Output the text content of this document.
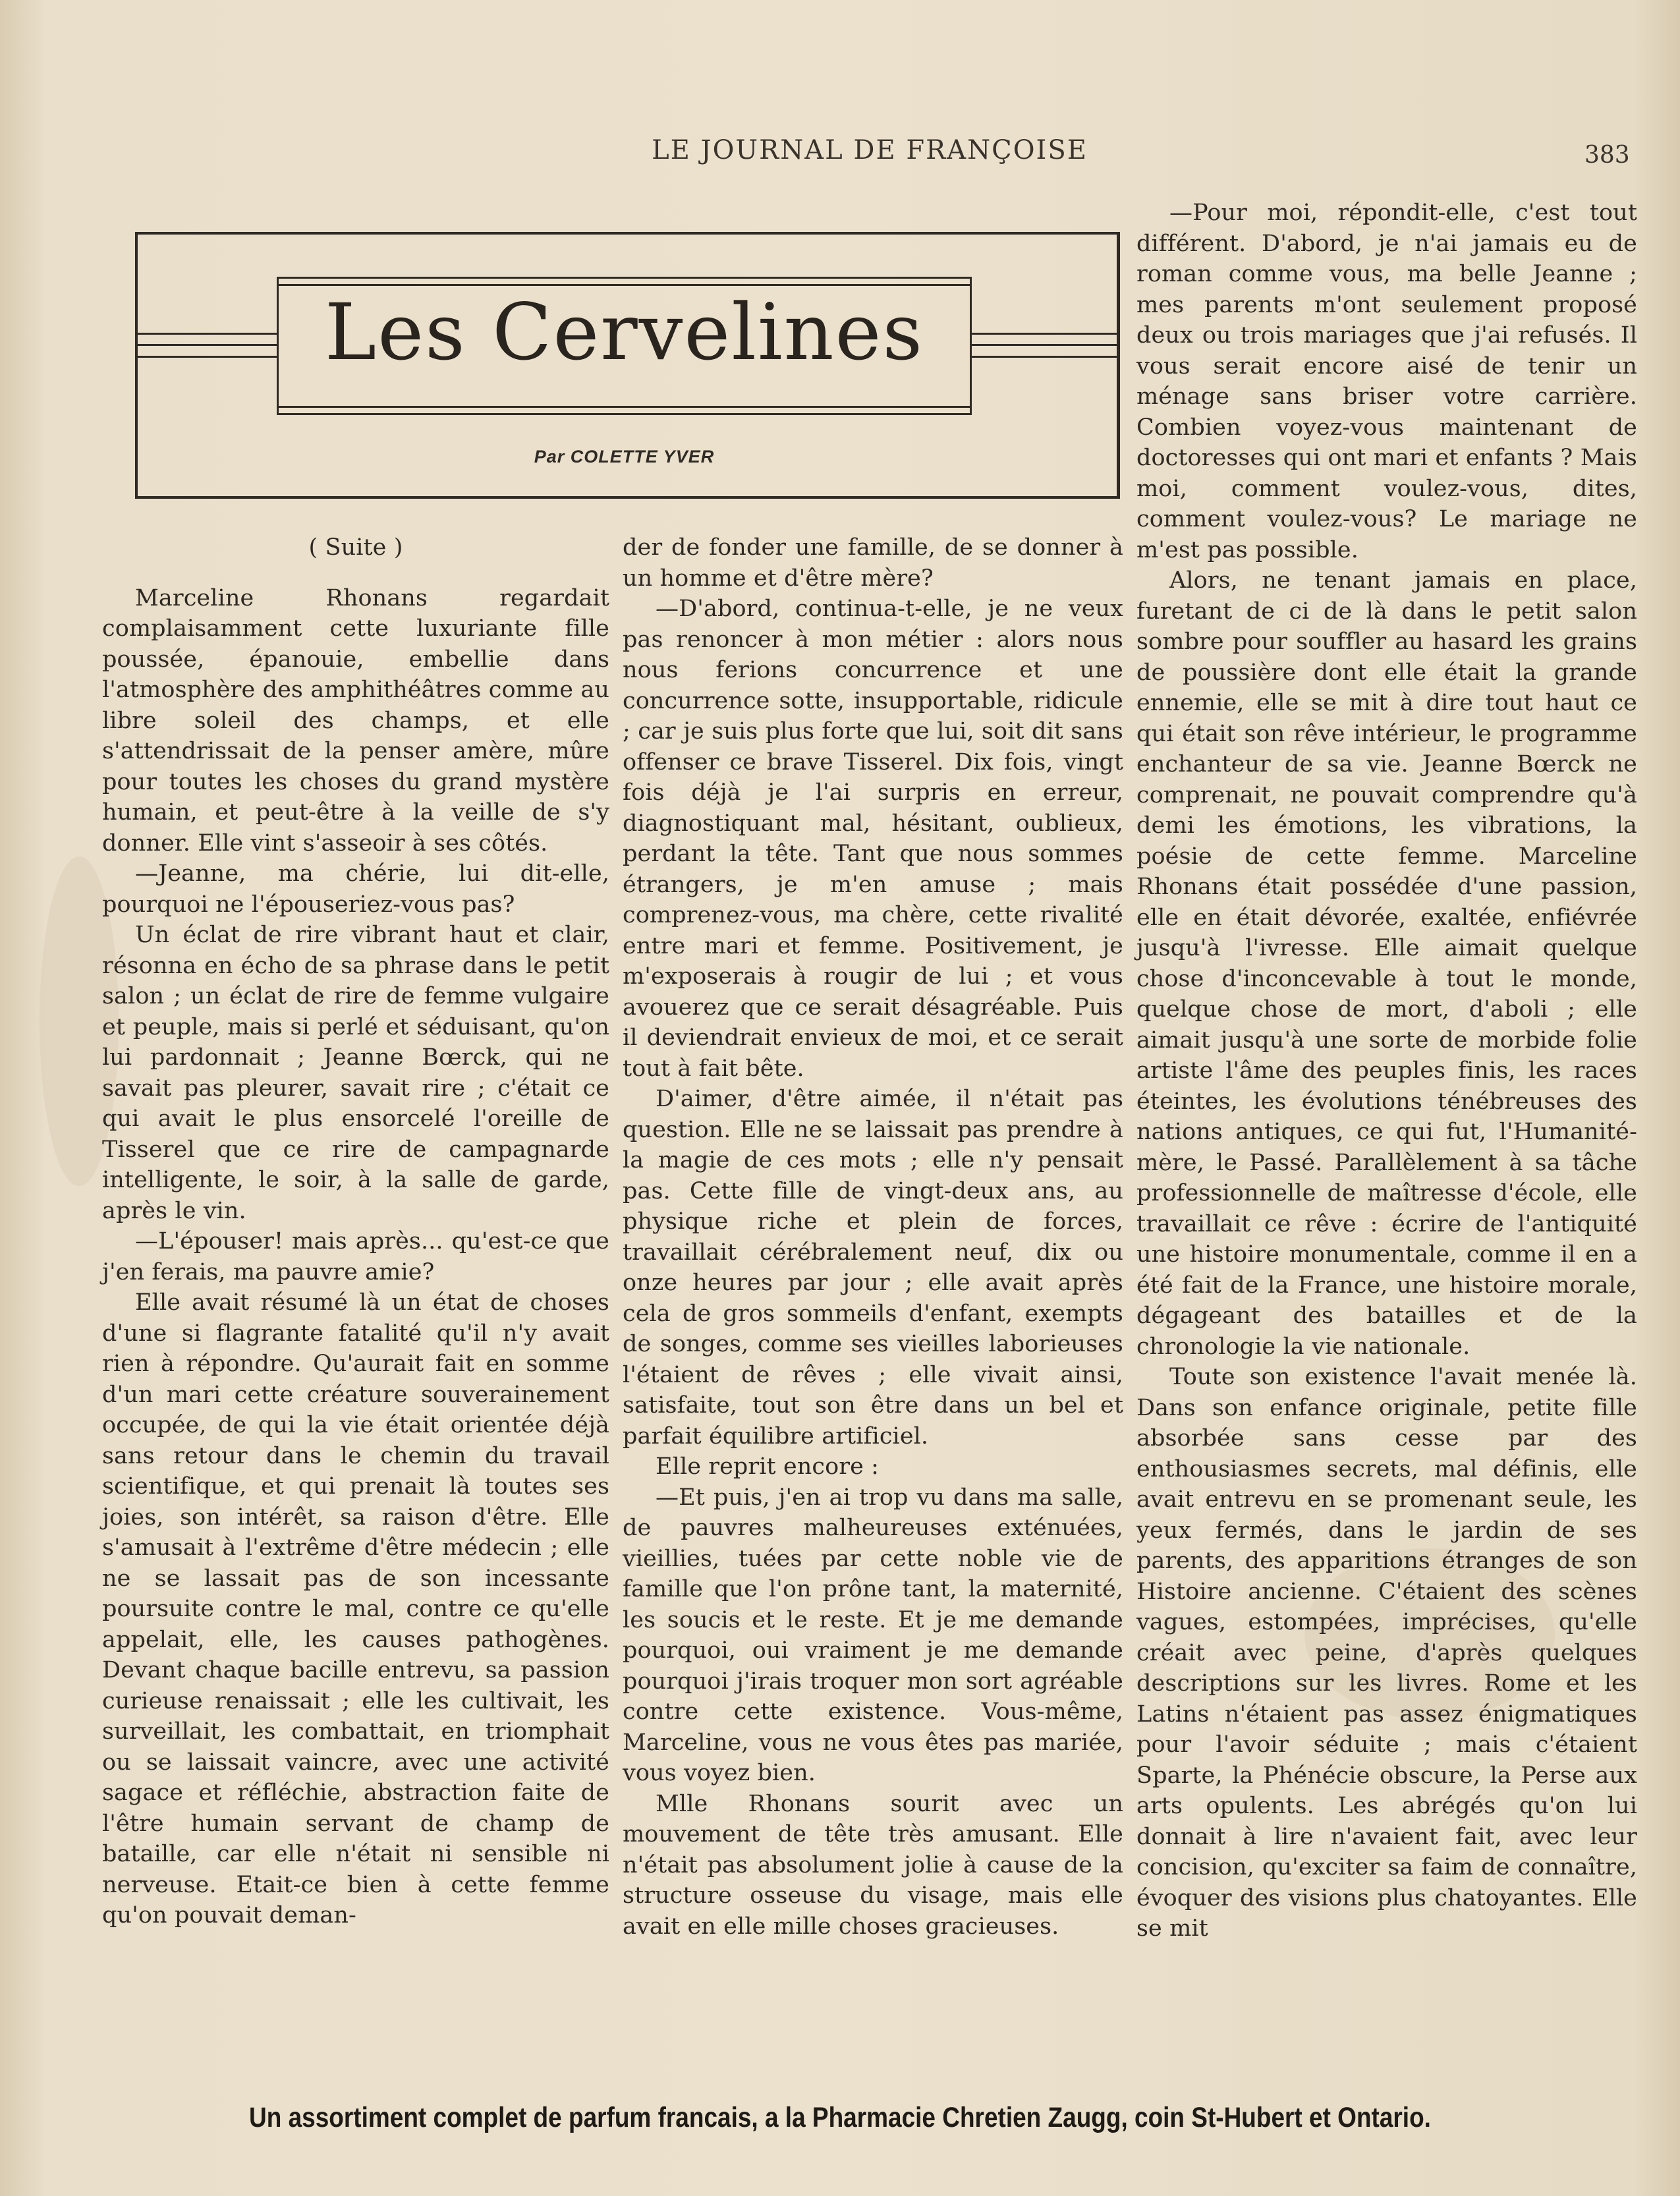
LE JOURNAL DE FRANÇOISE	383
Les Cervelines
Par COLETTE YVER

( Suite )

Marceline Rhonans regardait complaisamment cette luxuriante fille poussée, épanouie, embellie dans l'atmosphère des amphithéâtres comme au libre soleil des champs, et elle s'attendrissait de la penser amère, mûre pour toutes les choses du grand mystère humain, et peut-être à la veille de s'y donner. Elle vint s'asseoir à ses côtés.

—Jeanne, ma chérie, lui dit-elle, pourquoi ne l'épouseriez-vous pas?

Un éclat de rire vibrant haut et clair, résonna en écho de sa phrase dans le petit salon ; un éclat de rire de femme vulgaire et peuple, mais si perlé et séduisant, qu'on lui pardonnait ; Jeanne Bœrck, qui ne savait pas pleurer, savait rire ; c'était ce qui avait le plus ensorcelé l'oreille de Tisserel que ce rire de campagnarde intelligente, le soir, à la salle de garde, après le vin.

—L'épouser! mais après... qu'est-ce que j'en ferais, ma pauvre amie?

Elle avait résumé là un état de choses d'une si flagrante fatalité qu'il n'y avait rien à répondre. Qu'aurait fait en somme d'un mari cette créature souverainement occupée, de qui la vie était orientée déjà sans retour dans le chemin du travail scientifique, et qui prenait là toutes ses joies, son intérêt, sa raison d'être. Elle s'amusait à l'extrême d'être médecin ; elle ne se lassait pas de son incessante poursuite contre le mal, contre ce qu'elle appelait, elle, les causes pathogènes. Devant chaque bacille entrevu, sa passion curieuse renaissait ; elle les cultivait, les surveillait, les combattait, en triomphait ou se laissait vaincre, avec une activité sagace et réfléchie, abstraction faite de l'être humain servant de champ de bataille, car elle n'était ni sensible ni nerveuse. Etait-ce bien à cette femme qu'on pouvait deman-

der de fonder une famille, de se donner à un homme et d'être mère?

—D'abord, continua-t-elle, je ne veux pas renoncer à mon métier : alors nous nous ferions concurrence et une concurrence sotte, insupportable, ridicule ; car je suis plus forte que lui, soit dit sans offenser ce brave Tisserel. Dix fois, vingt fois déjà je l'ai surpris en erreur, diagnostiquant mal, hésitant, oublieux, perdant la tête. Tant que nous sommes étrangers, je m'en amuse ; mais comprenez-vous, ma chère, cette rivalité entre mari et femme. Positivement, je m'exposerais à rougir de lui ; et vous avouerez que ce serait désagréable. Puis il deviendrait envieux de moi, et ce serait tout à fait bête.

D'aimer, d'être aimée, il n'était pas question. Elle ne se laissait pas prendre à la magie de ces mots ; elle n'y pensait pas. Cette fille de vingt-deux ans, au physique riche et plein de forces, travaillait cérébralement neuf, dix ou onze heures par jour ; elle avait après cela de gros sommeils d'enfant, exempts de songes, comme ses vieilles laborieuses l'étaient de rêves ; elle vivait ainsi, satisfaite, tout son être dans un bel et parfait équilibre artificiel.

Elle reprit encore :

—Et puis, j'en ai trop vu dans ma salle, de pauvres malheureuses exténuées, vieillies, tuées par cette noble vie de famille que l'on prône tant, la maternité, les soucis et le reste. Et je me demande pourquoi, oui vraiment je me demande pourquoi j'irais troquer mon sort agréable contre cette existence. Vous-même, Marceline, vous ne vous êtes pas mariée, vous voyez bien.

Mlle Rhonans sourit avec un mouvement de tête très amusant. Elle n'était pas absolument jolie à cause de la structure osseuse du visage, mais elle avait en elle mille choses gracieuses.

—Pour moi, répondit-elle, c'est tout différent. D'abord, je n'ai jamais eu de roman comme vous, ma belle Jeanne ; mes parents m'ont seulement proposé deux ou trois mariages que j'ai refusés. Il vous serait encore aisé de tenir un ménage sans briser votre carrière. Combien voyez-vous maintenant de doctoresses qui ont mari et enfants ? Mais moi, comment voulez-vous, dites, comment voulez-vous? Le mariage ne m'est pas possible.

Alors, ne tenant jamais en place, furetant de ci de là dans le petit salon sombre pour souffler au hasard les grains de poussière dont elle était la grande ennemie, elle se mit à dire tout haut ce qui était son rêve intérieur, le programme enchanteur de sa vie. Jeanne Bœrck ne comprenait, ne pouvait comprendre qu'à demi les émotions, les vibrations, la poésie de cette femme. Marceline Rhonans était possédée d'une passion, elle en était dévorée, exaltée, enfiévrée jusqu'à l'ivresse. Elle aimait quelque chose d'inconcevable à tout le monde, quelque chose de mort, d'aboli ; elle aimait jusqu'à une sorte de morbide folie artiste l'âme des peuples finis, les races éteintes, les évolutions ténébreuses des nations antiques, ce qui fut, l'Humanité-mère, le Passé. Parallèlement à sa tâche professionnelle de maîtresse d'école, elle travaillait ce rêve : écrire de l'antiquité une histoire monumentale, comme il en a été fait de la France, une histoire morale, dégageant des batailles et de la chronologie la vie nationale.

Toute son existence l'avait menée là. Dans son enfance originale, petite fille absorbée sans cesse par des enthousiasmes secrets, mal définis, elle avait entrevu en se promenant seule, les yeux fermés, dans le jardin de ses parents, des apparitions étranges de son Histoire ancienne. C'étaient des scènes vagues, estompées, imprécises, qu'elle créait avec peine, d'après quelques descriptions sur les livres. Rome et les Latins n'étaient pas assez énigmatiques pour l'avoir séduite ; mais c'étaient Sparte, la Phénécie obscure, la Perse aux arts opulents. Les abrégés qu'on lui donnait à lire n'avaient fait, avec leur concision, qu'exciter sa faim de connaître, évoquer des visions plus chatoyantes. Elle se mit

Un assortiment complet de parfum francais, a la Pharmacie Chretien Zaugg, coin St-Hubert et Ontario.
